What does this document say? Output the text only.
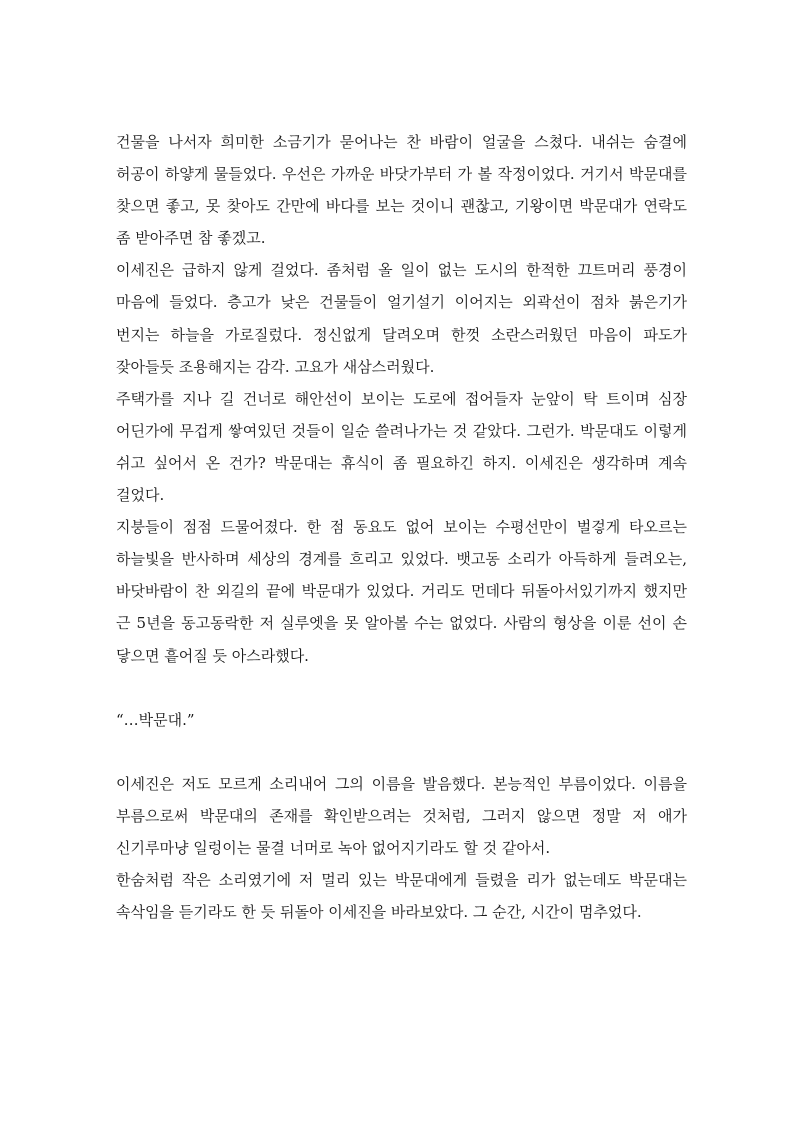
건물을 나서자 희미한 소금기가 묻어나는 찬 바람이 얼굴을 스쳤다. 내쉬는 숨결에 허공이 하얗게 물들었다. 우선은 가까운 바닷가부터 가 볼 작정이었다. 거기서 박문대를 찾으면 좋고, 못 찾아도 간만에 바다를 보는 것이니 괜찮고, 기왕이면 박문대가 연락도 좀 받아주면 참 좋겠고.

이세진은 급하지 않게 걸었다. 좀처럼 올 일이 없는 도시의 한적한 끄트머리 풍경이 마음에 들었다. 층고가 낮은 건물들이 얼기설기 이어지는 외곽선이 점차 붉은기가 번지는 하늘을 가로질렀다. 정신없게 달려오며 한껏 소란스러웠던 마음이 파도가 잦아들듯 조용해지는 감각. 고요가 새삼스러웠다.

주택가를 지나 길 건너로 해안선이 보이는 도로에 접어들자 눈앞이 탁 트이며 심장 어딘가에 무겁게 쌓여있던 것들이 일순 쓸려나가는 것 같았다. 그런가. 박문대도 이렇게 쉬고 싶어서 온 건가? 박문대는 휴식이 좀 필요하긴 하지. 이세진은 생각하며 계속 걸었다.

지붕들이 점점 드물어졌다. 한 점 동요도 없어 보이는 수평선만이 벌겋게 타오르는 하늘빛을 반사하며 세상의 경계를 흐리고 있었다. 뱃고동 소리가 아득하게 들려오는, 바닷바람이 찬 외길의 끝에 박문대가 있었다. 거리도 먼데다 뒤돌아서있기까지 했지만 근 5년을 동고동락한 저 실루엣을 못 알아볼 수는 없었다. 사람의 형상을 이룬 선이 손 닿으면 흩어질 듯 아스라했다.

“…박문대.”

이세진은 저도 모르게 소리내어 그의 이름을 발음했다. 본능적인 부름이었다. 이름을 부름으로써 박문대의 존재를 확인받으려는 것처럼, 그러지 않으면 정말 저 애가 신기루마냥 일렁이는 물결 너머로 녹아 없어지기라도 할 것 같아서.

한숨처럼 작은 소리였기에 저 멀리 있는 박문대에게 들렸을 리가 없는데도 박문대는 속삭임을 듣기라도 한 듯 뒤돌아 이세진을 바라보았다. 그 순간, 시간이 멈추었다.
